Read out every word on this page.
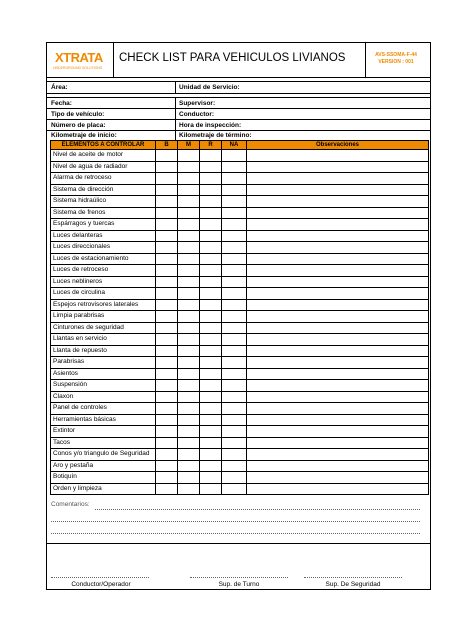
XTRATA
UNDERGROUND SOLUTIONS
CHECK LIST PARA VEHICULOS LIVIANOS	AVS-SSOMA-F-44
VERSION : 001
Área:	Unidad de Servicio:
Fecha:	Supervisor:
Tipo de vehículo:	Conductor:
Número de placa:	Hora de inspección:
Kilometraje de inicio:	Kilometraje de término:
ELEMENTOS A CONTROLAR	B	M	R	NA	Observaciones
Nivel de aceite de motor					
Nivel de agua de radiador					
Alarma de retroceso					
Sistema de dirección					
Sistema hidraúlico					
Sistema de frenos					
Espárragos y tuercas					
Luces delanteras					
Luces direccionales					
Luces de estacionamiento					
Luces de retroceso					
Luces neblineros					
Luces de circulina					
Espejos retrovisores laterales					
Limpia parabrisas					
Cinturones de seguridad					
Llantas en servicio					
Llanta de repuesto					
Parabrisas					
Asientos					
Suspensión					
Claxon					
Panel de controles					
Herramientas básicas					
Extintor					
Tacos					
Conos y/o triangulo de Seguridad					
Aro y pestaña					
Botiquín					
Orden y limpieza					
Comentarios:
Conductor/Operador	Sup. de Turno	Sup. De Seguridad
